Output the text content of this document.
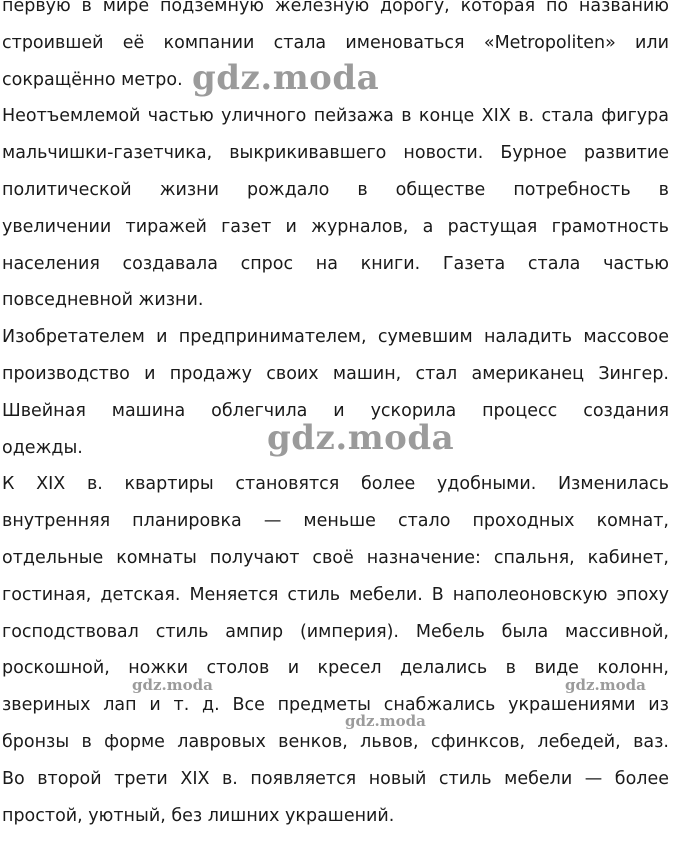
первую в мире подземную железную дорогу, которая по названию
строившей её компании стала именоваться «Metropoliten» или
сокращённо метро.
Неотъемлемой частью уличного пейзажа в конце XIX в. стала фигура
мальчишки-газетчика, выкрикивавшего новости. Бурное развитие
политической жизни рождало в обществе потребность в
увеличении тиражей газет и журналов, а растущая грамотность
населения создавала спрос на книги. Газета стала частью
повседневной жизни.
Изобретателем и предпринимателем, сумевшим наладить массовое
производство и продажу своих машин, стал американец Зингер.
Швейная машина облегчила и ускорила процесс создания
одежды.
К XIX в. квартиры становятся более удобными. Изменилась
внутренняя планировка — меньше стало проходных комнат,
отдельные комнаты получают своё назначение: спальня, кабинет,
гостиная, детская. Меняется стиль мебели. В наполеоновскую эпоху
господствовал стиль ампир (империя). Мебель была массивной,
роскошной, ножки столов и кресел делались в виде колонн,
звериных лап и т. д. Все предметы снабжались украшениями из
бронзы в форме лавровых венков, львов, сфинксов, лебедей, ваз.
Во второй трети XIX в. появляется новый стиль мебели — более
простой, уютный, без лишних украшений.
gdz.moda
gdz.moda
gdz.moda	gdz.moda
gdz.moda
